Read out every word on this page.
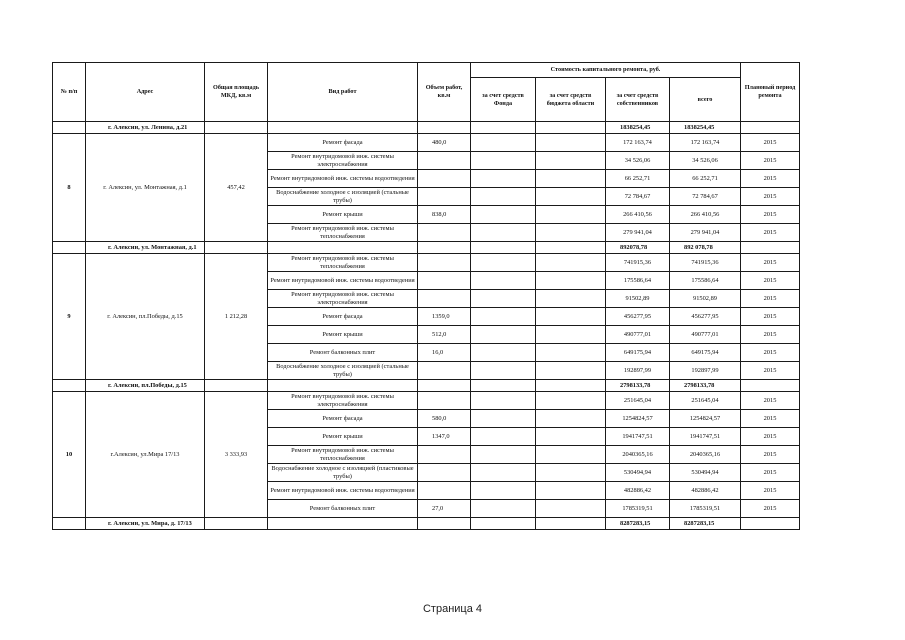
№ п/п	Адрес	Общая площадь МКД, кв.м	Вид работ	Объем работ, кв.м	Стоимость капитального ремонта, руб.				Плановый период ремонта
					за счет средств Фонда	за счет средств бюджета области	за счет средств собственников	всего	
	г. Алексин, ул. Ленина, д.21						1838254,45	1838254,45	
8	г. Алексин, ул. Монтажная, д.1	457,42	Ремонт фасада	480,0			172 163,74	172 163,74	2015
			Ремонт внутридомовой инж. системы электроснабжения				34 526,06	34 526,06	2015
			Ремонт внутридомовой инж. системы водоотведения				66 252,71	66 252,71	2015
			Водоснабжение холодное с изоляцией (стальные трубы)				72 784,67	72 784,67	2015
			Ремонт крыши	838,0			266 410,56	266 410,56	2015
			Ремонт внутридомовой инж. системы теплоснабжения				279 941,04	279 941,04	2015
	г. Алексин, ул. Монтажная, д.1						892078,78	892 078,78	
9	г. Алексин, пл.Победы, д.15	1 212,28	Ремонт внутридомовой инж. системы теплоснабжения				741915,36	741915,36	2015
			Ремонт внутридомовой инж. системы водоотведения				175586,64	175586,64	2015
			Ремонт внутридомовой инж. системы электроснабжения				91502,89	91502,89	2015
			Ремонт фасада	1359,0			456277,95	456277,95	2015
			Ремонт крыши	512,0			490777,01	490777,01	2015
			Ремонт балконных плит	16,0			649175,94	649175,94	2015
			Водоснабжение холодное с изоляцией (стальные трубы)				192897,99	192897,99	2015
	г. Алексин, пл.Победы, д.15						2798133,78	2798133,78	
10	г.Алексин, ул.Мира 17/13	3 333,93	Ремонт внутридомовой инж. системы электроснабжения				251645,04	251645,04	2015
			Ремонт фасада	580,0			1254824,57	1254824,57	2015
			Ремонт крыши	1347,0			1941747,51	1941747,51	2015
			Ремонт внутридомовой инж. системы теплоснабжения				2040365,16	2040365,16	2015
			Водоснабжение холодное с изоляцией (пластиковые трубы)				530494,94	530494,94	2015
			Ремонт внутридомовой инж. системы водоотведения				482886,42	482886,42	2015
			Ремонт балконных плит	27,0			1785319,51	1785319,51	2015
	г. Алексин, ул. Мира, д. 17/13						8287283,15	8287283,15	
Страница 4
